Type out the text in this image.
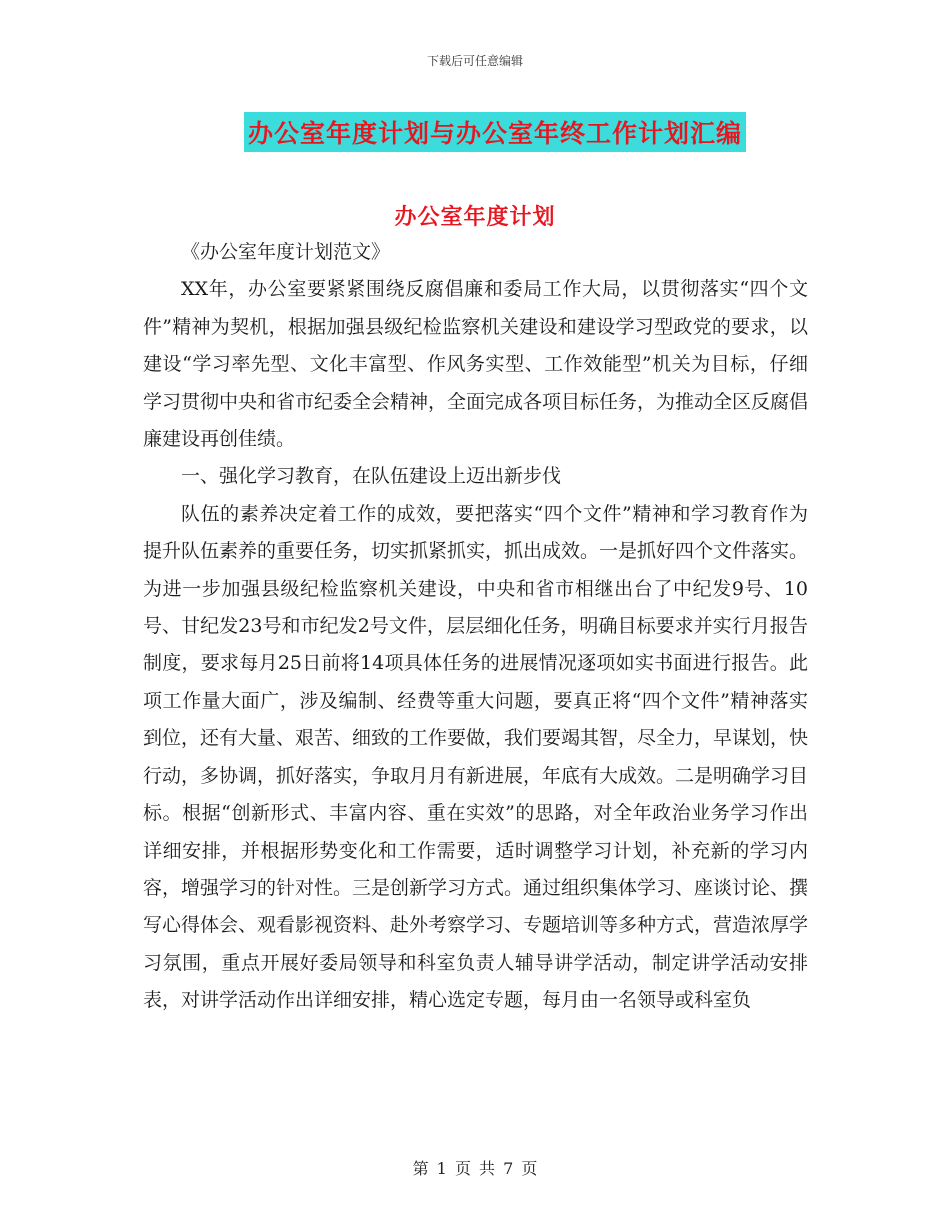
下载后可任意编辑
办公室年度计划与办公室年终工作计划汇编
办公室年度计划

《办公室年度计划范文》

XX年，办公室要紧紧围绕反腐倡廉和委局工作大局，以贯彻落实“四个文件”精神为契机，根据加强县级纪检监察机关建设和建设学习型政党的要求，以建设“学习率先型、文化丰富型、作风务实型、工作效能型”机关为目标，仔细学习贯彻中央和省市纪委全会精神，全面完成各项目标任务，为推动全区反腐倡廉建设再创佳绩。

一、强化学习教育，在队伍建设上迈出新步伐

队伍的素养决定着工作的成效，要把落实“四个文件”精神和学习教育作为提升队伍素养的重要任务，切实抓紧抓实，抓出成效。一是抓好四个文件落实。为进一步加强县级纪检监察机关建设，中央和省市相继出台了中纪发9号、10号、甘纪发23号和市纪发2号文件，层层细化任务，明确目标要求并实行月报告制度，要求每月25日前将14项具体任务的进展情况逐项如实书面进行报告。此项工作量大面广，涉及编制、经费等重大问题，要真正将“四个文件”精神落实到位，还有大量、艰苦、细致的工作要做，我们要竭其智，尽全力，早谋划，快行动，多协调，抓好落实，争取月月有新进展，年底有大成效。二是明确学习目标。根据“创新形式、丰富内容、重在实效”的思路，对全年政治业务学习作出详细安排，并根据形势变化和工作需要，适时调整学习计划，补充新的学习内容，增强学习的针对性。三是创新学习方式。通过组织集体学习、座谈讨论、撰写心得体会、观看影视资料、赴外考察学习、专题培训等多种方式，营造浓厚学习氛围，重点开展好委局领导和科室负责人辅导讲学活动，制定讲学活动安排表，对讲学活动作出详细安排，精心选定专题，每月由一名领导或科室负

第 1 页 共 7 页
